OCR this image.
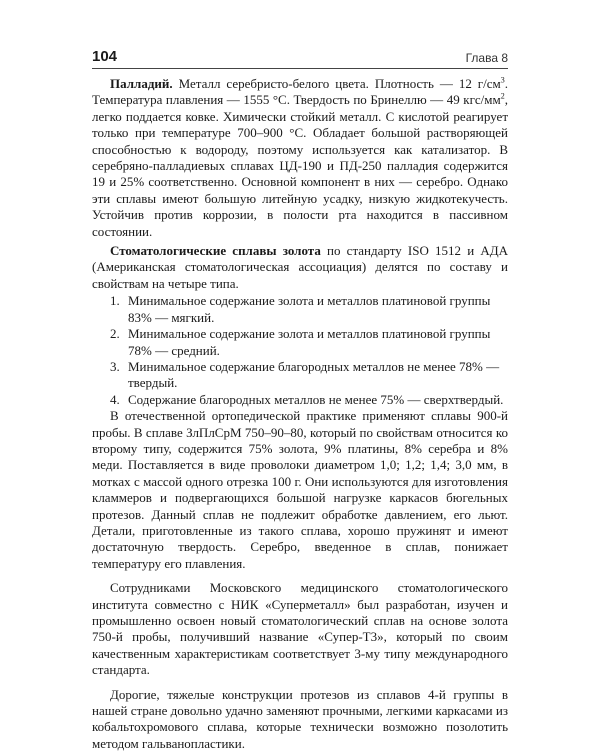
104	Глава 8

Палладий. Металл серебристо-белого цвета. Плотность — 12 $г/см^3$. Температура плавления — 1555 °С. Твердость по Бринеллю — 49 кгс/$мм^2$, легко поддается ковке. Химически стойкий металл. С кислотой реагирует только при температуре 700–900 °С. Обладает большой растворяющей способностью к водороду, поэтому используется как катализатор. В серебряно-палладиевых сплавах ЦД-190 и ПД-250 палладия содержится 19 и 25% соответственно. Основной компонент в них — серебро. Однако эти сплавы имеют большую литейную усадку, низкую жидкотекучесть. Устойчив против коррозии, в полости рта находится в пассивном состоянии.

Стоматологические сплавы золота по стандарту ISO 1512 и АДА (Американская стоматологическая ассоциация) делятся по составу и свойствам на четыре типа.

1. Минимальное содержание золота и металлов платиновой группы 83% — мягкий.
2. Минимальное содержание золота и металлов платиновой группы 78% — средний.
3. Минимальное содержание благородных металлов не менее 78% — твердый.
4. Содержание благородных металлов не менее 75% — сверхтвердый.

В отечественной ортопедической практике применяют сплавы 900-й пробы. В сплаве ЗлПлСрМ 750–90–80, который по свойствам относится ко второму типу, содержится 75% золота, 9% платины, 8% серебра и 8% меди. Поставляется в виде проволоки диаметром 1,0; 1,2; 1,4; 3,0 мм, в мотках с массой одного отрезка 100 г. Они используются для изготовления кламмеров и подвергающихся большой нагрузке каркасов бюгельных протезов. Данный сплав не подлежит обработке давлением, его льют. Детали, приготовленные из такого сплава, хорошо пружинят и имеют достаточную твердость. Серебро, введенное в сплав, понижает температуру его плавления.

Сотрудниками Московского медицинского стоматологического института совместно с НИК «Суперметалл» был разработан, изучен и промышленно освоен новый стоматологический сплав на основе золота 750-й пробы, получивший название «Супер-Т3», который по своим качественным характеристикам соответствует 3-му типу международного стандарта.

Дорогие, тяжелые конструкции протезов из сплавов 4-й группы в нашей стране довольно удачно заменяют прочными, легкими каркасами из кобальтохромового сплава, которые технически возможно позолотить методом гальванопластики.
